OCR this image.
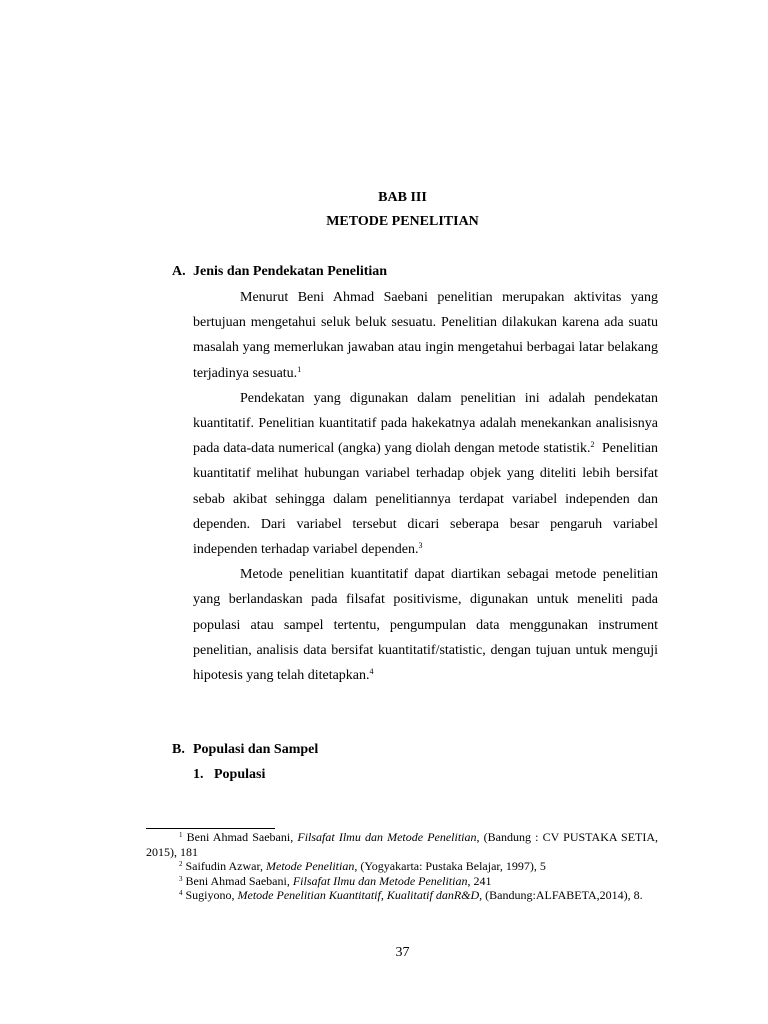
BAB III
METODE PENELITIAN
A. Jenis dan Pendekatan Penelitian

Menurut Beni Ahmad Saebani penelitian merupakan aktivitas yang bertujuan mengetahui seluk beluk sesuatu. Penelitian dilakukan karena ada suatu masalah yang memerlukan jawaban atau ingin mengetahui berbagai latar belakang terjadinya sesuatu.$^1$

Pendekatan yang digunakan dalam penelitian ini adalah pendekatan kuantitatif. Penelitian kuantitatif pada hakekatnya adalah menekankan analisisnya pada data-data numerical (angka) yang diolah dengan metode statistik.$^2$ Penelitian kuantitatif melihat hubungan variabel terhadap objek yang diteliti lebih bersifat sebab akibat sehingga dalam penelitiannya terdapat variabel independen dan dependen. Dari variabel tersebut dicari seberapa besar pengaruh variabel independen terhadap variabel dependen.$^3$

Metode penelitian kuantitatif dapat diartikan sebagai metode penelitian yang berlandaskan pada filsafat positivisme, digunakan untuk meneliti pada populasi atau sampel tertentu, pengumpulan data menggunakan instrument penelitian, analisis data bersifat kuantitatif/statistic, dengan tujuan untuk menguji hipotesis yang telah ditetapkan.$^4$

B. Populasi dan Sampel
1. Populasi

$^1$ Beni Ahmad Saebani, Filsafat Ilmu dan Metode Penelitian, (Bandung : CV PUSTAKA SETIA, 2015), 181

$^2$ Saifudin Azwar, Metode Penelitian, (Yogyakarta: Pustaka Belajar, 1997), 5

$^3$ Beni Ahmad Saebani, Filsafat Ilmu dan Metode Penelitian, 241

$^4$ Sugiyono, Metode Penelitian Kuantitatif, Kualitatif danR&D, (Bandung:ALFABETA,2014), 8.

37
